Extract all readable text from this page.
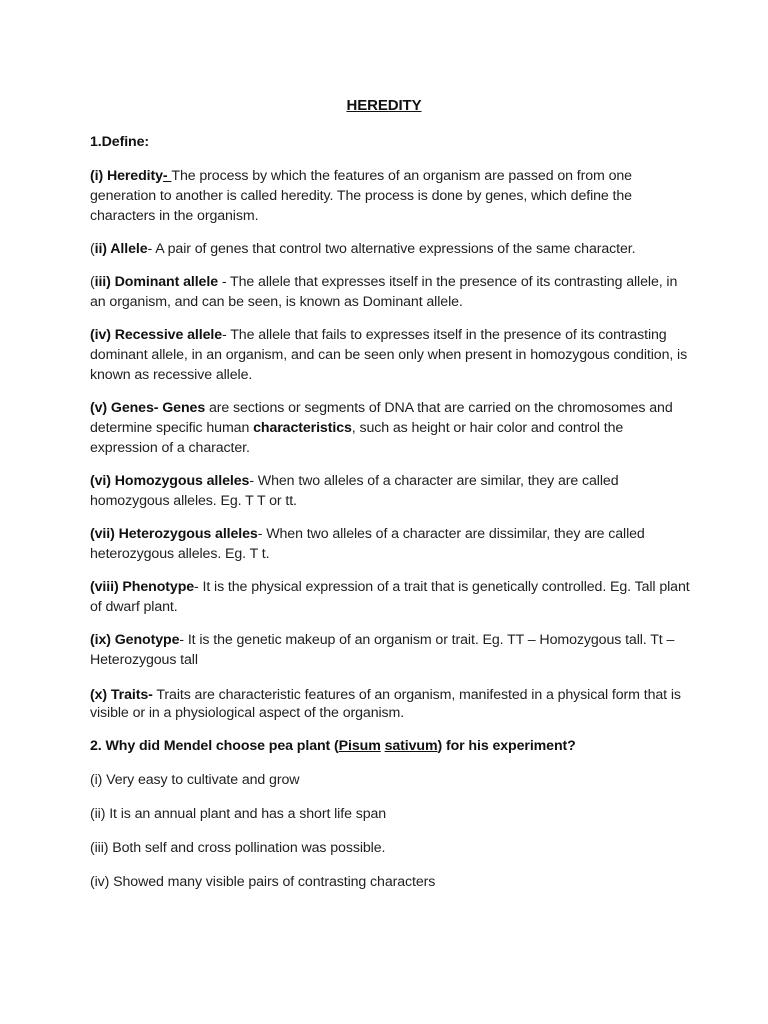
HEREDITY
1.Define:

(i) Heredity- The process by which the features of an organism are passed on from one generation to another is called heredity. The process is done by genes, which define the characters in the organism.

(ii) Allele- A pair of genes that control two alternative expressions of the same character.

(iii) Dominant allele - The allele that expresses itself in the presence of its contrasting allele, in an organism, and can be seen, is known as Dominant allele.

(iv) Recessive allele- The allele that fails to expresses itself in the presence of its contrasting dominant allele, in an organism, and can be seen only when present in homozygous condition, is known as recessive allele.

(v) Genes- Genes are sections or segments of DNA that are carried on the chromosomes and determine specific human characteristics, such as height or hair color and control the expression of a character.

(vi) Homozygous alleles- When two alleles of a character are similar, they are called homozygous alleles. Eg. T T or tt.

(vii) Heterozygous alleles- When two alleles of a character are dissimilar, they are called heterozygous alleles. Eg. T t.

(viii) Phenotype- It is the physical expression of a trait that is genetically controlled. Eg. Tall plant of dwarf plant.

(ix) Genotype- It is the genetic makeup of an organism or trait. Eg. TT – Homozygous tall. Tt – Heterozygous tall

(x) Traits- Traits are characteristic features of an organism, manifested in a physical form that is visible or in a physiological aspect of the organism.

2. Why did Mendel choose pea plant (Pisum sativum) for his experiment?

(i) Very easy to cultivate and grow

(ii) It is an annual plant and has a short life span

(iii) Both self and cross pollination was possible.

(iv) Showed many visible pairs of contrasting characters
